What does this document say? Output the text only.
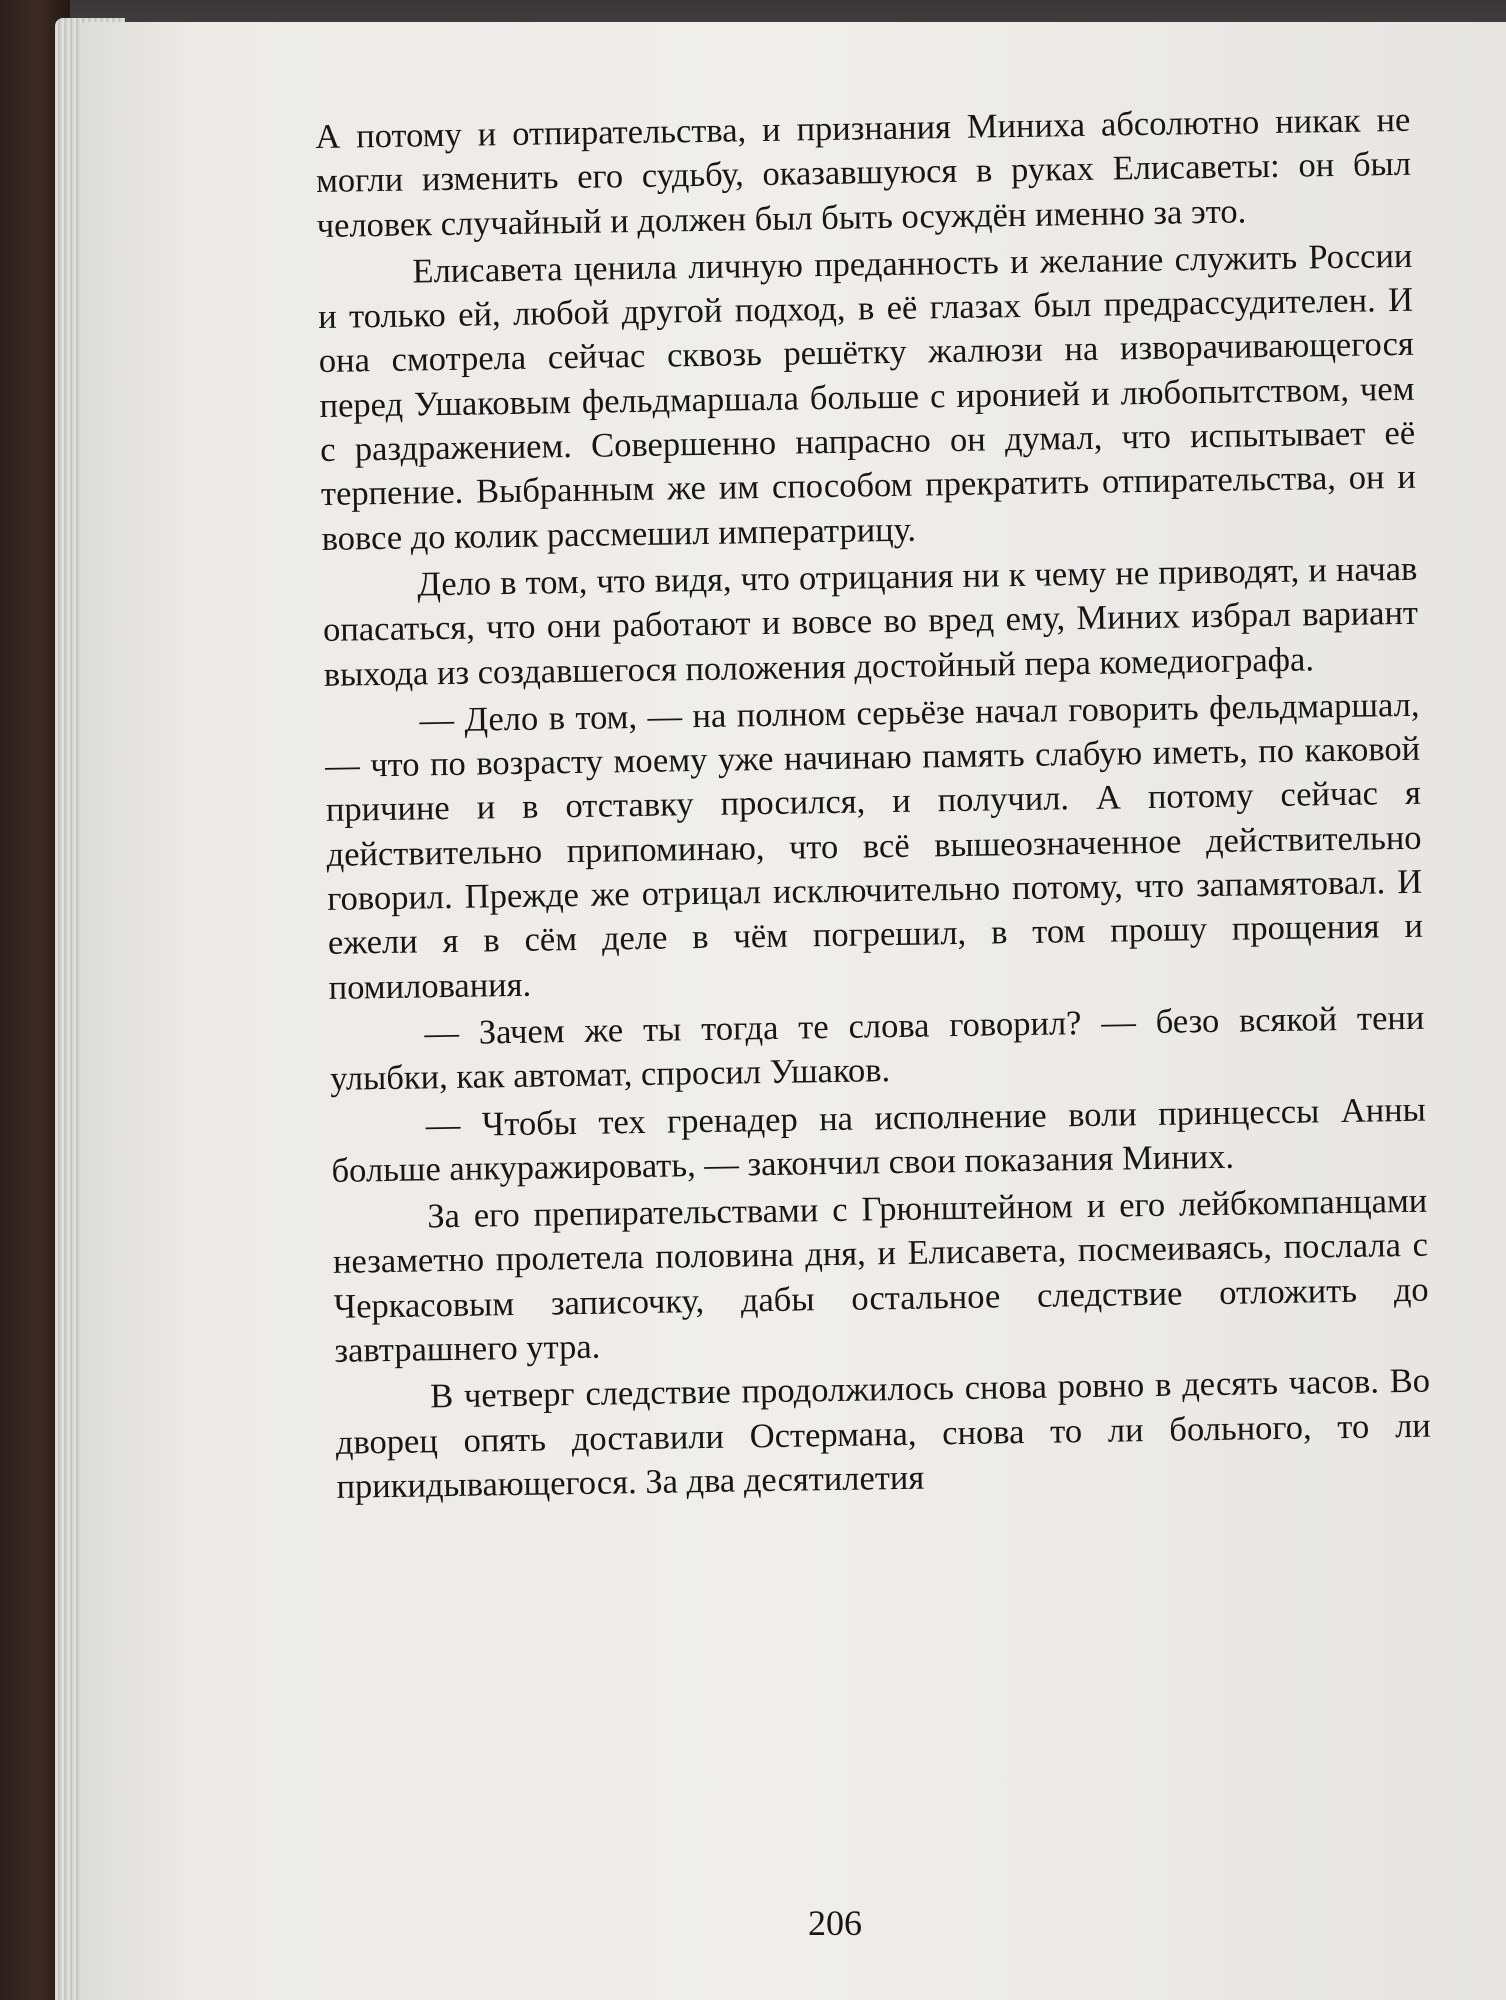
А потому и отпирательства, и признания Миниха абсолютно никак не могли изменить его судьбу, оказавшуюся в руках Елисаветы: он был человек случайный и должен был быть осуждён именно за это.

Елисавета ценила личную преданность и желание служить России и только ей, любой другой подход, в её глазах был предрассудителен. И она смотрела сейчас сквозь решётку жалюзи на изворачивающегося перед Ушаковым фельдмаршала больше с иронией и любопытством, чем с раздражением. Совершенно напрасно он думал, что испытывает её терпение. Выбранным же им способом прекратить отпирательства, он и вовсе до колик рассмешил императрицу.

Дело в том, что видя, что отрицания ни к чему не приводят, и начав опасаться, что они работают и вовсе во вред ему, Миних избрал вариант выхода из создавшегося положения достойный пера комедиографа.

— Дело в том, — на полном серьёзе начал говорить фельдмаршал, — что по возрасту моему уже начинаю память слабую иметь, по каковой причине и в отставку просился, и получил. А потому сейчас я действительно припоминаю, что всё вышеозначенное действительно говорил. Прежде же отрицал исключительно потому, что запамятовал. И ежели я в сём деле в чём погрешил, в том прошу прощения и помилования.

— Зачем же ты тогда те слова говорил? — безо всякой тени улыбки, как автомат, спросил Ушаков.

— Чтобы тех гренадер на исполнение воли принцессы Анны больше анкуражировать, — закончил свои показания Миних.

За его препирательствами с Грюнштейном и его лейбкомпанцами незаметно пролетела половина дня, и Елисавета, посмеиваясь, послала с Черкасовым записочку, дабы остальное следствие отложить до завтрашнего утра.

В четверг следствие продолжилось снова ровно в десять часов. Во дворец опять доставили Остермана, снова то ли больного, то ли прикидывающегося. За два десятилетия

206
